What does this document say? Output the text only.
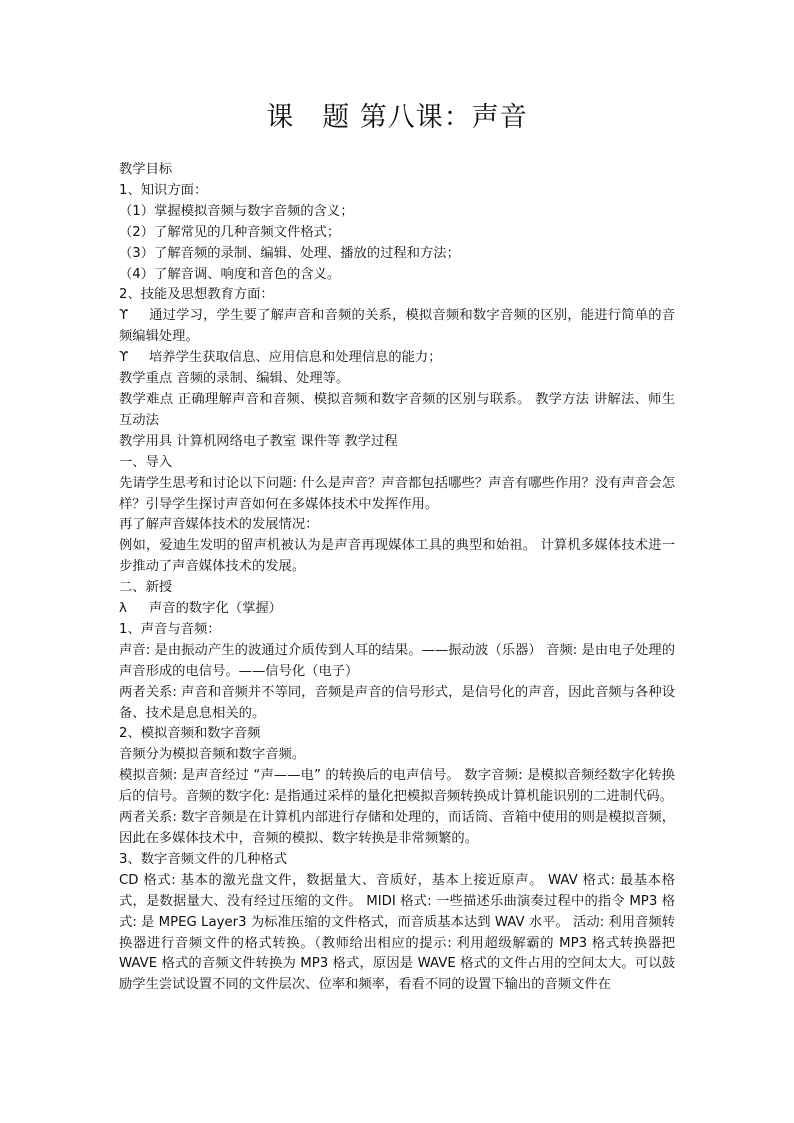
课　题 第八课：声音

教学目标

1、知识方面：

（1）掌握模拟音频与数字音频的含义；

（2）了解常见的几种音频文件格式；

（3）了解音频的录制、编辑、处理、播放的过程和方法；

（4）了解音调、响度和音色的含义。

2、技能及思想教育方面：

ϒ 通过学习，学生要了解声音和音频的关系，模拟音频和数字音频的区别，能进行简单的音频编辑处理。

ϒ 培养学生获取信息、应用信息和处理信息的能力；

教学重点 音频的录制、编辑、处理等。

教学难点 正确理解声音和音频、模拟音频和数字音频的区别与联系。 教学方法 讲解法、师生互动法

教学用具 计算机网络电子教室 课件等 教学过程

一、导入

先请学生思考和讨论以下问题: 什么是声音？声音都包括哪些？声音有哪些作用？没有声音会怎样？引导学生探讨声音如何在多媒体技术中发挥作用。

再了解声音媒体技术的发展情况：

例如，爱迪生发明的留声机被认为是声音再现媒体工具的典型和始祖。 计算机多媒体技术进一步推动了声音媒体技术的发展。

二、新授

λ 声音的数字化（掌握）

1、声音与音频：

声音: 是由振动产生的波通过介质传到人耳的结果。——振动波（乐器） 音频: 是由电子处理的声音形成的电信号。——信号化（电子）

两者关系: 声音和音频并不等同，音频是声音的信号形式，是信号化的声音，因此音频与各种设备、技术是息息相关的。

2、模拟音频和数字音频

音频分为模拟音频和数字音频。

模拟音频: 是声音经过 “声——电” 的转换后的电声信号。 数字音频: 是模拟音频经数字化转换后的信号。音频的数字化: 是指通过采样的量化把模拟音频转换成计算机能识别的二进制代码。

两者关系: 数字音频是在计算机内部进行存储和处理的，而话筒、音箱中使用的则是模拟音频，因此在多媒体技术中，音频的模拟、数字转换是非常频繁的。

3、数字音频文件的几种格式

CD 格式: 基本的激光盘文件，数据量大、音质好，基本上接近原声。 WAV 格式: 最基本格式，是数据量大、没有经过压缩的文件。 MIDI 格式: 一些描述乐曲演奏过程中的指令 MP3 格式: 是 MPEG Layer3 为标准压缩的文件格式，而音质基本达到 WAV 水平。 活动: 利用音频转换器进行音频文件的格式转换。（教师给出相应的提示: 利用超级解霸的 MP3 格式转换器把 WAVE 格式的音频文件转换为 MP3 格式，原因是 WAVE 格式的文件占用的空间太大。可以鼓励学生尝试设置不同的文件层次、位率和频率，看看不同的设置下输出的音频文件在
